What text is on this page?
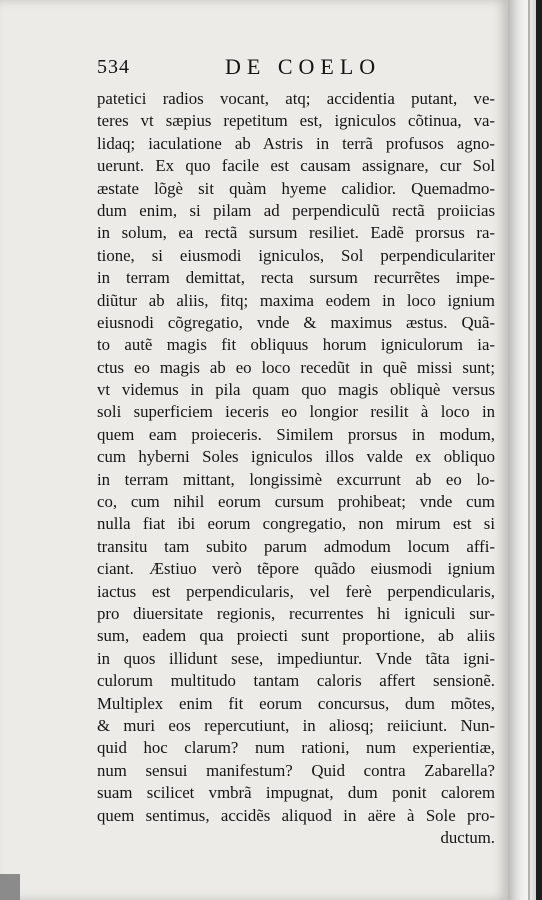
534	DE COELO
patetici radios vocant, atq; accidentia putant, ve-
teres vt sæpius repetitum est, igniculos cõtinua, va-
lidaq; iaculatione ab Astris in terrã profusos agno-
uerunt. Ex quo facile est causam assignare, cur Sol
æstate lõgè sit quàm hyeme calidior. Quemadmo-
dum enim, si pilam ad perpendiculũ rectã proiicias
in solum, ea rectã sursum resiliet. Eadẽ prorsus ra-
tione, si eiusmodi igniculos, Sol perpendiculariter
in terram demittat, recta sursum recurrẽtes impe-
diũtur ab aliis, fitq; maxima eodem in loco ignium
eiusnodi cõgregatio, vnde & maximus æstus. Quã-
to autẽ magis fit obliquus horum igniculorum ia-
ctus eo magis ab eo loco recedũt in quẽ missi sunt;
vt videmus in pila quam quo magis obliquè versus
soli superficiem ieceris eo longior resilit à loco in
quem eam proieceris. Similem prorsus in modum,
cum hyberni Soles igniculos illos valde ex obliquo
in terram mittant, longissimè excurrunt ab eo lo-
co, cum nihil eorum cursum prohibeat; vnde cum
nulla fiat ibi eorum congregatio, non mirum est si
transitu tam subito parum admodum locum affi-
ciant. Æstiuo verò tẽpore quãdo eiusmodi ignium
iactus est perpendicularis, vel ferè perpendicularis,
pro diuersitate regionis, recurrentes hi igniculi sur-
sum, eadem qua proiecti sunt proportione, ab aliis
in quos illidunt sese, impediuntur. Vnde tãta igni-
culorum multitudo tantam caloris affert sensionẽ.
Multiplex enim fit eorum concursus, dum mõtes,
& muri eos repercutiunt, in aliosq; reiiciunt. Nun-
quid hoc clarum? num rationi, num experientiæ,
num sensui manifestum? Quid contra Zabarella?
suam scilicet vmbrã impugnat, dum ponit calorem
quem sentimus, accidẽs aliquod in aëre à Sole pro-
ductum.
